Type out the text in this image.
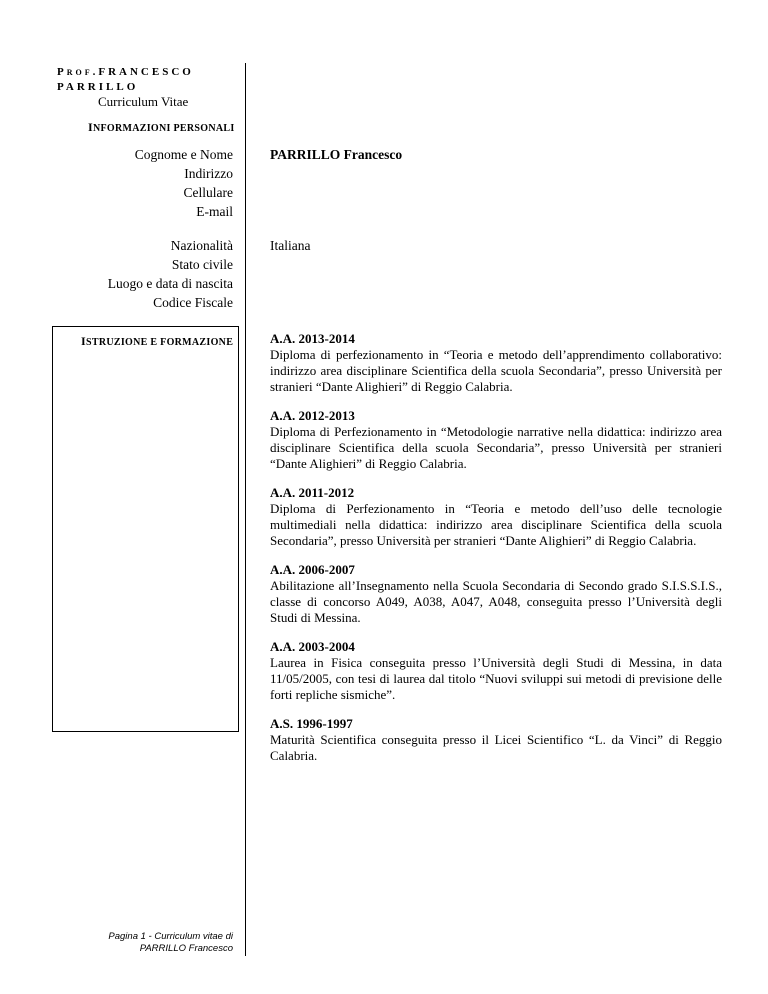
PROF.FRANCESCO
PARRILLO
Curriculum Vitae
INFORMAZIONI PERSONALI
Cognome e Nome
Indirizzo
Cellulare
E-mail
PARRILLO Francesco
Nazionalità
Stato civile
Luogo e data di nascita
Codice Fiscale
Italiana
ISTRUZIONE E FORMAZIONE	A.A. 2013-2014
Diploma di perfezionamento in “Teoria e metodo dell’apprendimento collaborativo: indirizzo area disciplinare Scientifica della scuola Secondaria”, presso Università per stranieri “Dante Alighieri” di Reggio Calabria.
A.A. 2012-2013
Diploma di Perfezionamento in “Metodologie narrative nella didattica: indirizzo area disciplinare Scientifica della scuola Secondaria”, presso Università per stranieri “Dante Alighieri” di Reggio Calabria.
A.A. 2011-2012
Diploma di Perfezionamento in “Teoria e metodo dell’uso delle tecnologie multimediali nella didattica: indirizzo area disciplinare Scientifica della scuola Secondaria”, presso Università per stranieri “Dante Alighieri” di Reggio Calabria.
A.A. 2006-2007
Abilitazione all’Insegnamento nella Scuola Secondaria di Secondo grado S.I.S.S.I.S., classe di concorso A049, A038, A047, A048, conseguita presso l’Università degli Studi di Messina.
A.A. 2003-2004
Laurea in Fisica conseguita presso l’Università degli Studi di Messina, in data 11/05/2005, con tesi di laurea dal titolo “Nuovi sviluppi sui metodi di previsione delle forti repliche sismiche”.
A.S. 1996-1997
Maturità Scientifica conseguita presso il Licei Scientifico “L. da Vinci” di Reggio Calabria.
Pagina 1 - Curriculum vitae di
PARRILLO Francesco
